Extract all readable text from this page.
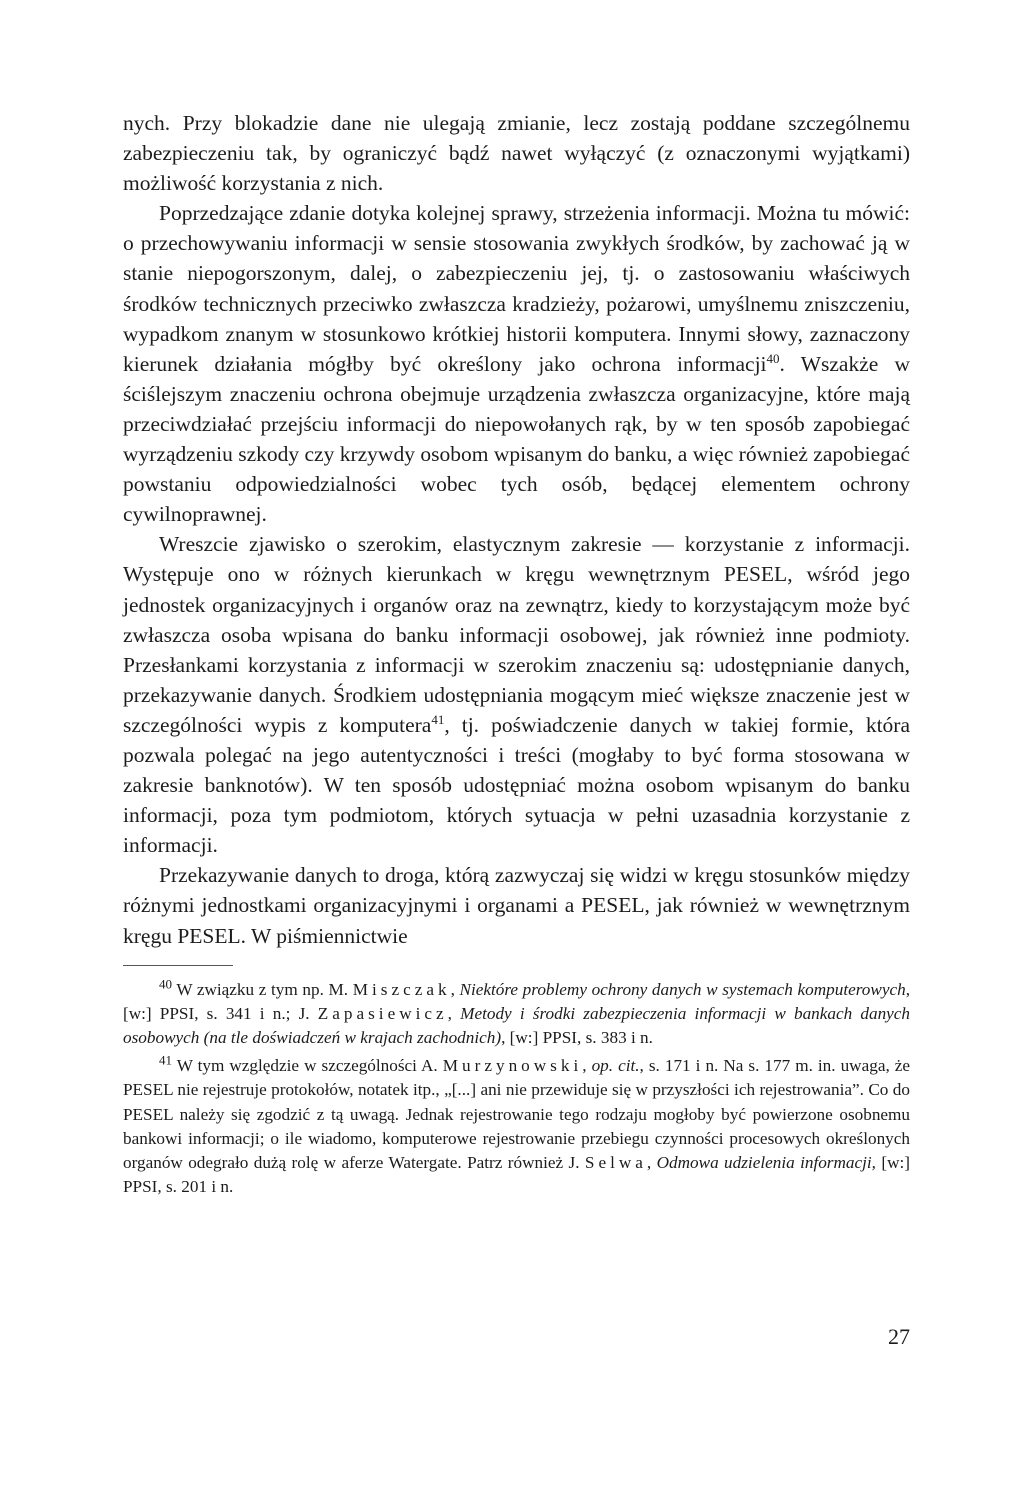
nych. Przy blokadzie dane nie ulegają zmianie, lecz zostają poddane szczególnemu zabezpieczeniu tak, by ograniczyć bądź nawet wyłączyć (z oznaczonymi wyjątkami) możliwość korzystania z nich.

Poprzedzające zdanie dotyka kolejnej sprawy, strzeżenia informacji. Można tu mówić: o przechowywaniu informacji w sensie stosowania zwykłych środków, by zachować ją w stanie niepogorszonym, dalej, o zabezpieczeniu jej, tj. o zastosowaniu właściwych środków technicznych przeciwko zwłaszcza kradzieży, pożarowi, umyślnemu zniszczeniu, wypadkom znanym w stosunkowo krótkiej historii komputera. Innymi słowy, zaznaczony kierunek działania mógłby być określony jako ochrona informacji$^{40}$. Wszakże w ściślejszym znaczeniu ochrona obejmuje urządzenia zwłaszcza organizacyjne, które mają przeciwdziałać przejściu informacji do niepowołanych rąk, by w ten sposób zapobiegać wyrządzeniu szkody czy krzywdy osobom wpisanym do banku, a więc również zapobiegać powstaniu odpowiedzialności wobec tych osób, będącej elementem ochrony cywilnoprawnej.

Wreszcie zjawisko o szerokim, elastycznym zakresie — korzystanie z informacji. Występuje ono w różnych kierunkach w kręgu wewnętrznym PESEL, wśród jego jednostek organizacyjnych i organów oraz na zewnątrz, kiedy to korzystającym może być zwłaszcza osoba wpisana do banku informacji osobowej, jak również inne podmioty. Przesłankami korzystania z informacji w szerokim znaczeniu są: udostępnianie danych, przekazywanie danych. Środkiem udostępniania mogącym mieć większe znaczenie jest w szczególności wypis z komputera$^{41}$, tj. poświadczenie danych w takiej formie, która pozwala polegać na jego autentyczności i treści (mogłaby to być forma stosowana w zakresie banknotów). W ten sposób udostępniać można osobom wpisanym do banku informacji, poza tym podmiotom, których sytuacja w pełni uzasadnia korzystanie z informacji.

Przekazywanie danych to droga, którą zazwyczaj się widzi w kręgu stosunków między różnymi jednostkami organizacyjnymi i organami a PESEL, jak również w wewnętrznym kręgu PESEL. W piśmiennictwie

$^{40}$ W związku z tym np. M. Miszczak, Niektóre problemy ochrony danych w systemach komputerowych, [w:] PPSI, s. 341 i n.; J. Zapasiewicz, Metody i środki zabezpieczenia informacji w bankach danych osobowych (na tle doświadczeń w krajach zachodnich), [w:] PPSI, s. 383 i n.

$^{41}$ W tym względzie w szczególności A. Murzynowski, op. cit., s. 171 i n. Na s. 177 m. in. uwaga, że PESEL nie rejestruje protokołów, notatek itp., „[...] ani nie przewiduje się w przyszłości ich rejestrowania”. Co do PESEL należy się zgodzić z tą uwagą. Jednak rejestrowanie tego rodzaju mogłoby być powierzone osobnemu bankowi informacji; o ile wiadomo, komputerowe rejestrowanie przebiegu czynności procesowych określonych organów odegrało dużą rolę w aferze Watergate. Patrz również J. Selwa, Odmowa udzielenia informacji, [w:] PPSI, s. 201 i n.

27
